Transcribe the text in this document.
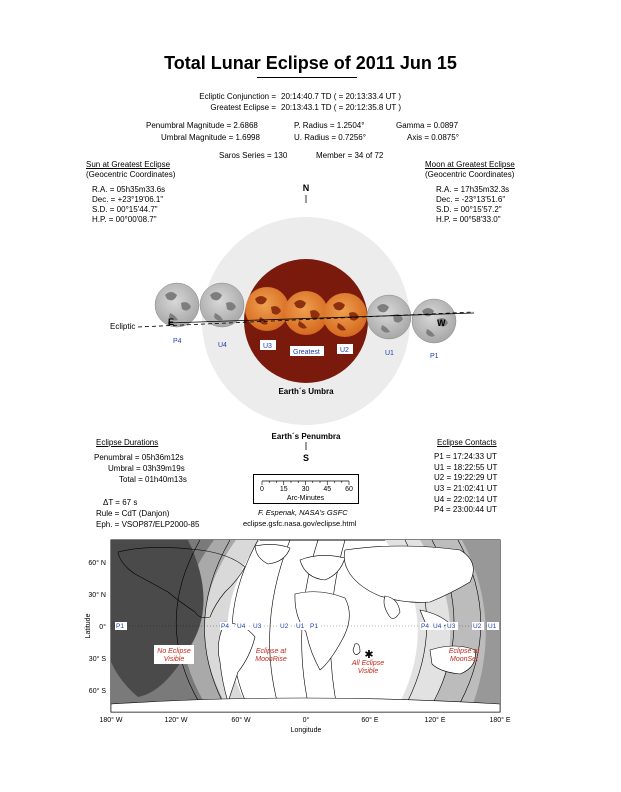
Total Lunar Eclipse of 2011 Jun 15
Ecliptic Conjunction = 20:14:40.7 TD ( = 20:13:33.4 UT )
Greatest Eclipse = 20:13:43.1 TD ( = 20:12:35.8 UT )
Penumbral Magnitude = 2.6868
Umbral Magnitude = 1.6998
P. Radius = 1.2504°
U. Radius = 0.7256°
Gamma = 0.0897
Axis = 0.0875°
Saros Series = 130	Member = 34 of 72
Sun at Greatest Eclipse
(Geocentric Coordinates)
R.A. = 05h35m33.6s
Dec. = +23°19'06.1"
S.D. = 00°15'44.7"
H.P. = 00°00'08.7"
Moon at Greatest Eclipse
(Geocentric Coordinates)
R.A. = 17h35m32.3s
Dec. = -23°13'51.6"
S.D. = 00°15'57.2"
H.P. = 00°58'33.0"
N
Ecliptic	E	W
P4
U4	U3
Greatest	U2	U1	P1
Earth´s Umbra
Earth´s Penumbra
S
Eclipse Durations
Penumbral = 05h36m12s
Umbral = 03h39m19s
Total = 01h40m13s
ΔT = 67 s
Rule = CdT (Danjon)
Eph. = VSOP87/ELP2000-85
0 15 30 45 60
Arc-Minutes
F. Espenak, NASA's GSFC
eclipse.gsfc.nasa.gov/eclipse.html
Eclipse Contacts
P1 = 17:24:33 UT
U1 = 18:22:55 UT
U2 = 19:22:29 UT
U3 = 21:02:41 UT
U4 = 22:02:14 UT
P4 = 23:00:44 UT
No Eclipse
Visible
Eclipse at
MoonRise	✱
All Eclipse
Visible
Eclipse at
MoonSet
P1	P4 U4 U3	U2 U1 P1	P4 U4 U3	U2 U1
60° N
30° N
0°
30° S
60° S
Latitude
180° W	120° W	60° W	0°	60° E	120° E	180° E
Longitude
